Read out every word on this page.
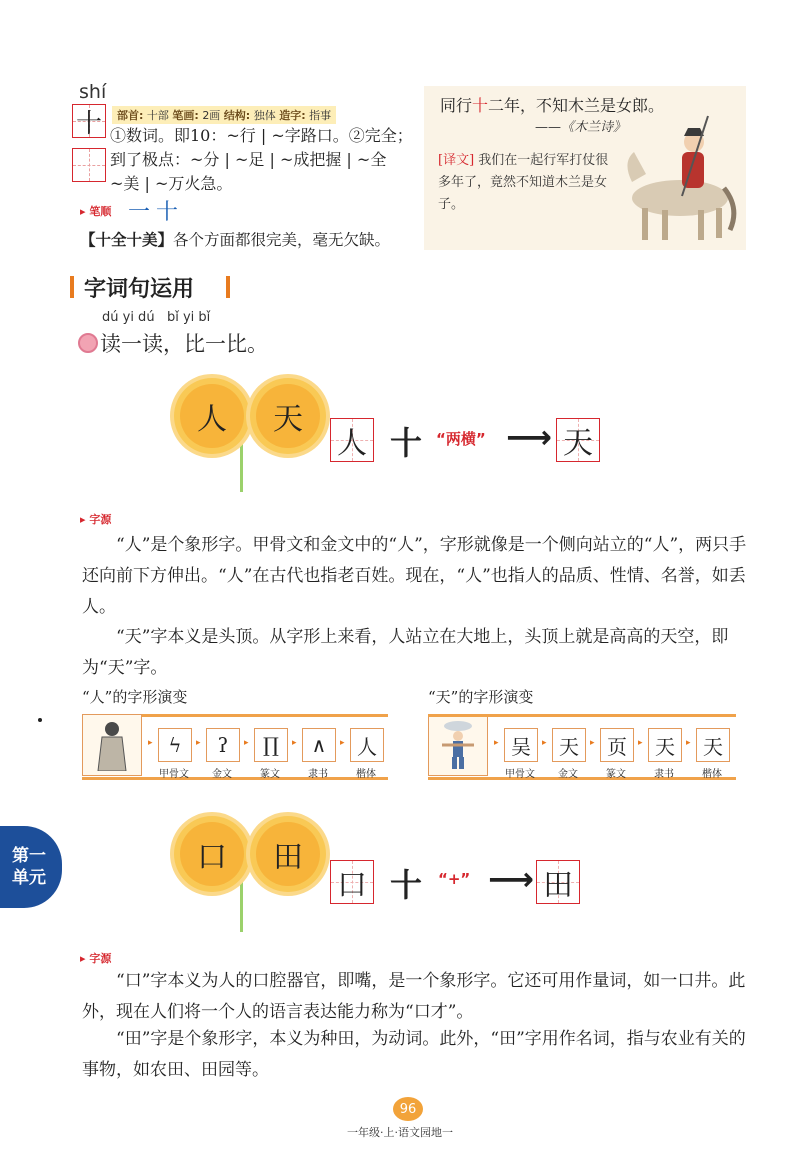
shí
十	部首: 十部 笔画: 2画 结构: 独体 造字: 指事
①数词。即10：~行 | ~字路口。②完全；
到了极点：~分 | ~足 | ~成把握 | ~全
~美 | ~万火急。
▸ 笔顺 一 十
【十全十美】各个方面都很完美，毫无欠缺。
同行十二年，不知木兰是女郎。
——《木兰诗》
[译文] 我们在一起行军打仗很多年了，竟然不知道木兰是女子。
字词句运用
dú yi dú   bǐ yi bǐ
读一读，比一比。
人	天
人 十 “两横” ⟶ 天
▸ 字源
“人”是个象形字。甲骨文和金文中的“人”，字形就像是一个侧向站立的“人”，两只手还向前下方伸出。“人”在古代也指老百姓。现在，“人”也指人的品质、性情、名誉，如丢人。
“天”字本义是头顶。从字形上来看，人站立在大地上，头顶上就是高高的天空，即为“天”字。
“人”的字形演变	“天”的字形演变
▸ ϟ
甲骨文
▸ ʔ
金文
▸ ∏
篆文
▸ ∧
隶书
▸ 人
楷体
▸ 吴
甲骨文
▸ 天
金文
▸ 页
篆文
▸ 天
隶书
▸ 天
楷体
第一
单元
口	田
口 十 “+” ⟶ 田
▸ 字源
“口”字本义为人的口腔器官，即嘴，是一个象形字。它还可用作量词，如一口井。此外，现在人们将一个人的语言表达能力称为“口才”。
“田”字是个象形字，本义为种田，为动词。此外，“田”字用作名词，指与农业有关的事物，如农田、田园等。
96
一年级·上·语文园地一
